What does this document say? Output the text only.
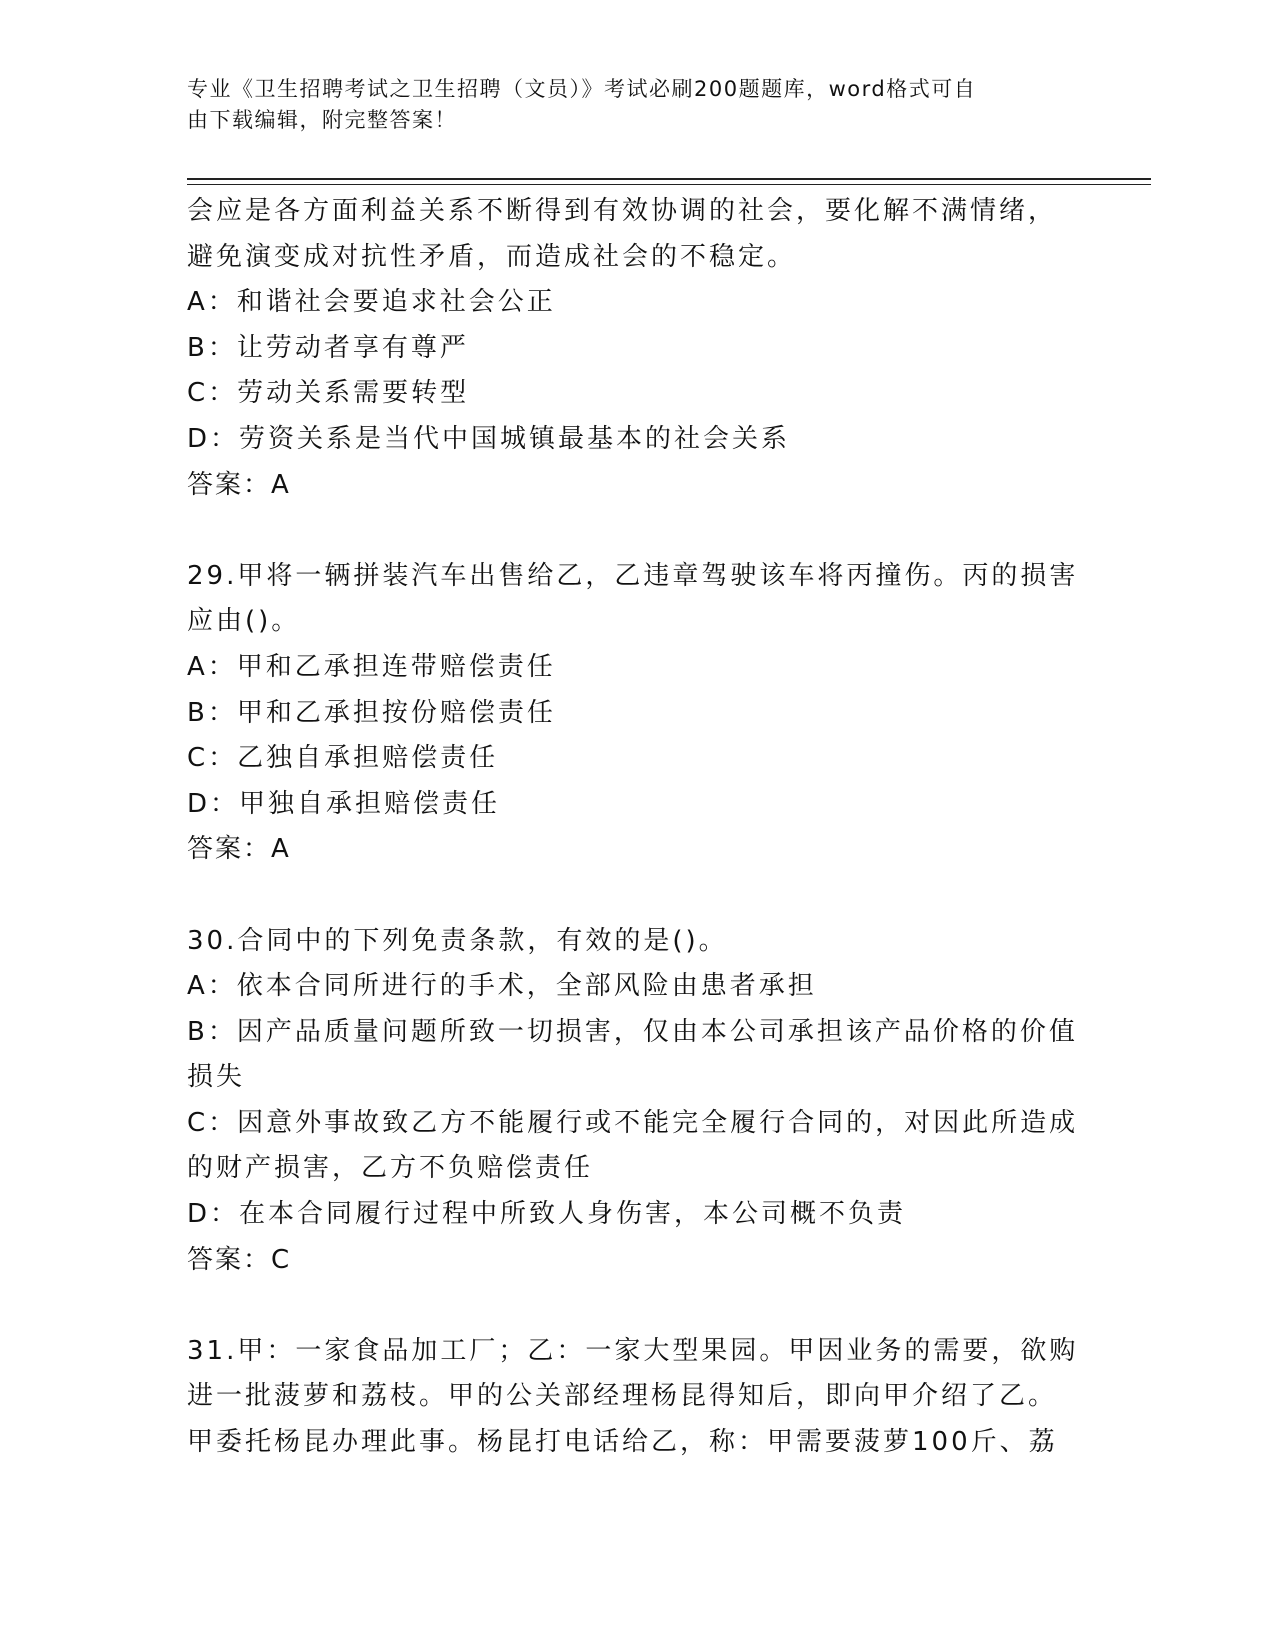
专业《卫生招聘考试之卫生招聘（文员）》考试必刷200题题库，word格式可自
由下载编辑，附完整答案！
会应是各方面利益关系不断得到有效协调的社会，要化解不满情绪，
避免演变成对抗性矛盾，而造成社会的不稳定。
A：和谐社会要追求社会公正
B：让劳动者享有尊严
C：劳动关系需要转型
D：劳资关系是当代中国城镇最基本的社会关系
答案：A
29.甲将一辆拼装汽车出售给乙，乙违章驾驶该车将丙撞伤。丙的损害
应由()。
A：甲和乙承担连带赔偿责任
B：甲和乙承担按份赔偿责任
C：乙独自承担赔偿责任
D：甲独自承担赔偿责任
答案：A
30.合同中的下列免责条款，有效的是()。
A：依本合同所进行的手术，全部风险由患者承担
B：因产品质量问题所致一切损害，仅由本公司承担该产品价格的价值
损失
C：因意外事故致乙方不能履行或不能完全履行合同的，对因此所造成
的财产损害，乙方不负赔偿责任
D：在本合同履行过程中所致人身伤害，本公司概不负责
答案：C
31.甲：一家食品加工厂；乙：一家大型果园。甲因业务的需要，欲购
进一批菠萝和荔枝。甲的公关部经理杨昆得知后，即向甲介绍了乙。
甲委托杨昆办理此事。杨昆打电话给乙，称：甲需要菠萝100斤、荔
